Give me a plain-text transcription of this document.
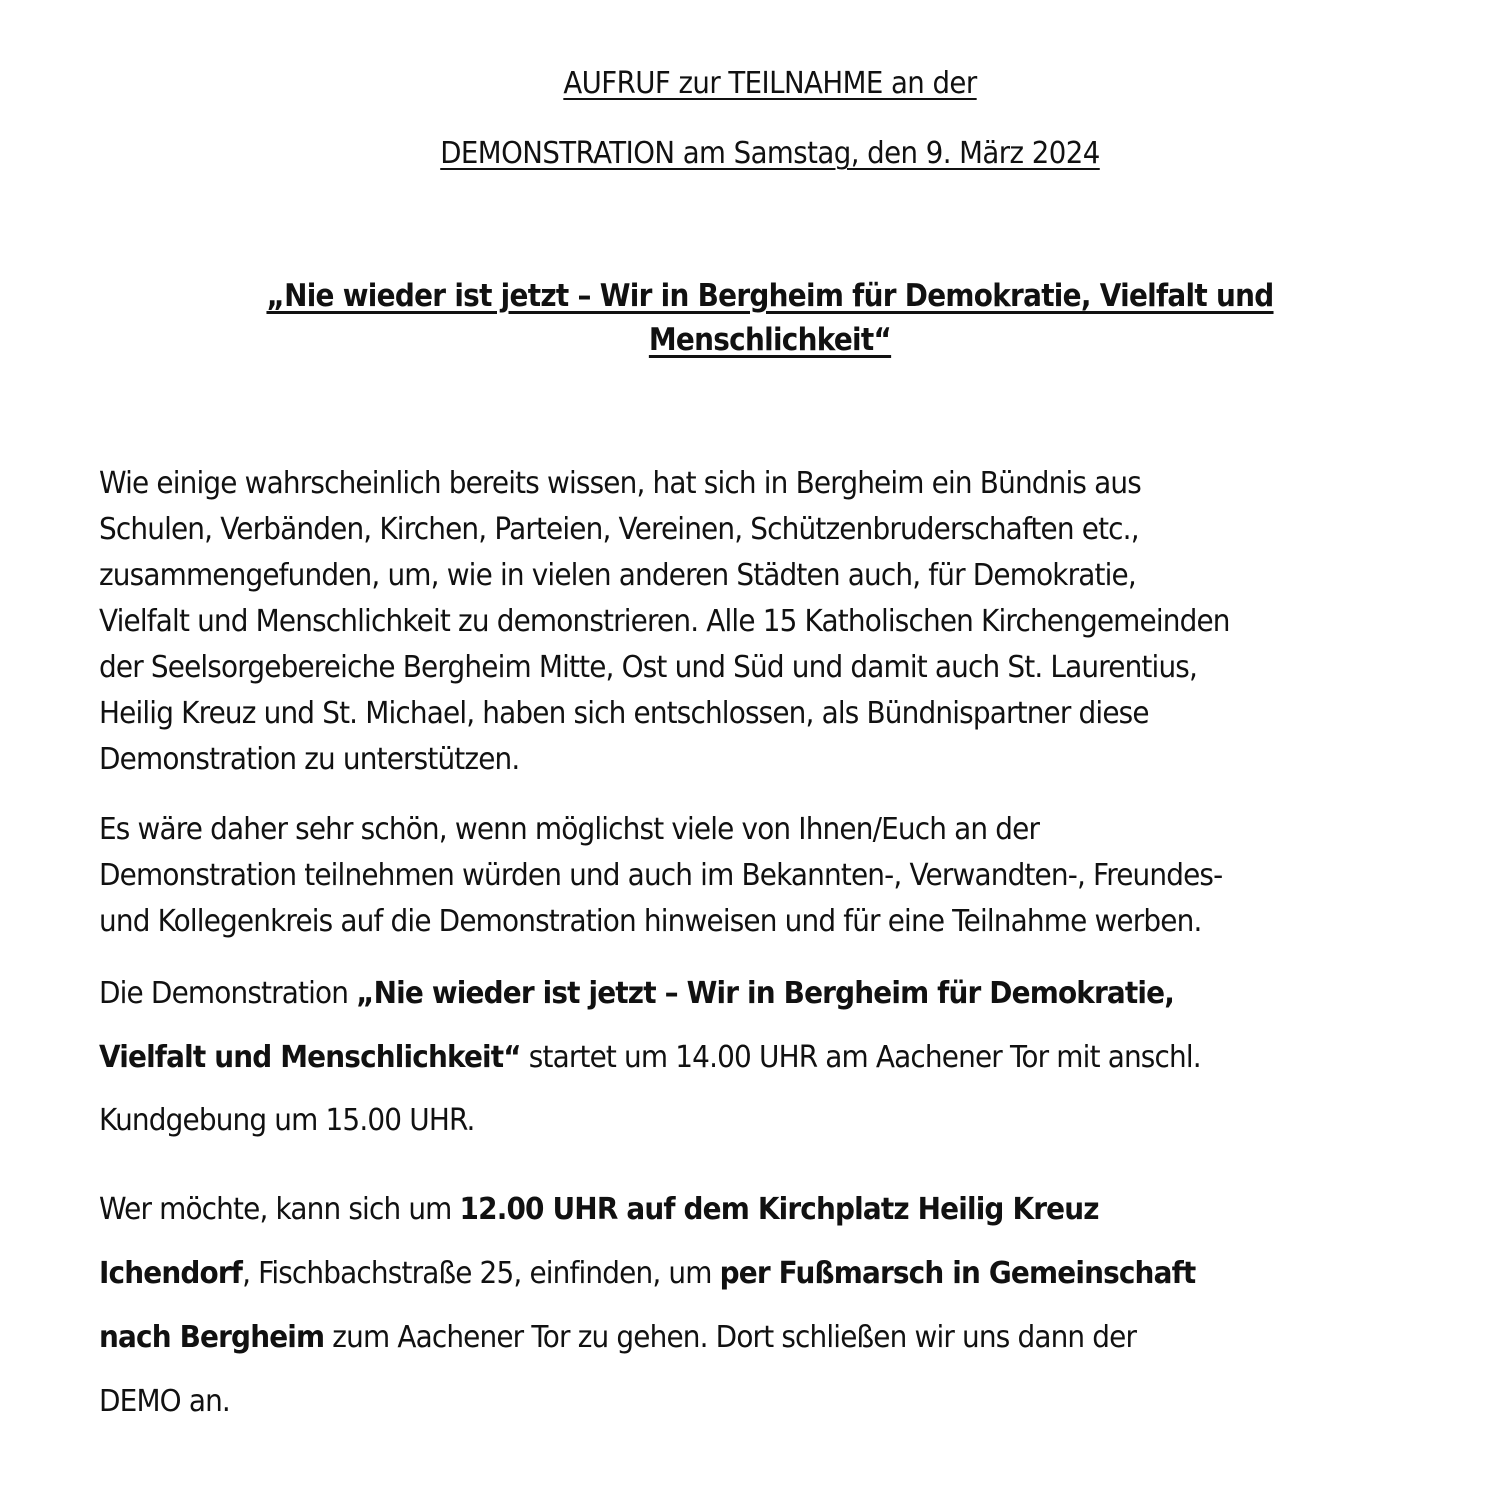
AUFRUF zur TEILNAHME an der
DEMONSTRATION am Samstag, den 9. März 2024
„Nie wieder ist jetzt – Wir in Bergheim für Demokratie, Vielfalt und
Menschlichkeit“
Wie einige wahrscheinlich bereits wissen, hat sich in Bergheim ein Bündnis aus
Schulen, Verbänden, Kirchen, Parteien, Vereinen, Schützenbruderschaften etc.,
zusammengefunden, um, wie in vielen anderen Städten auch, für Demokratie,
Vielfalt und Menschlichkeit zu demonstrieren. Alle 15 Katholischen Kirchengemeinden
der Seelsorgebereiche Bergheim Mitte, Ost und Süd und damit auch St. Laurentius,
Heilig Kreuz und St. Michael, haben sich entschlossen, als Bündnispartner diese
Demonstration zu unterstützen.
Es wäre daher sehr schön, wenn möglichst viele von Ihnen/Euch an der
Demonstration teilnehmen würden und auch im Bekannten-, Verwandten-, Freundes-
und Kollegenkreis auf die Demonstration hinweisen und für eine Teilnahme werben.
Die Demonstration „Nie wieder ist jetzt – Wir in Bergheim für Demokratie,
Vielfalt und Menschlichkeit“ startet um 14.00 UHR am Aachener Tor mit anschl.
Kundgebung um 15.00 UHR.
Wer möchte, kann sich um 12.00 UHR auf dem Kirchplatz Heilig Kreuz
Ichendorf, Fischbachstraße 25, einfinden, um per Fußmarsch in Gemeinschaft
nach Bergheim zum Aachener Tor zu gehen. Dort schließen wir uns dann der
DEMO an.
